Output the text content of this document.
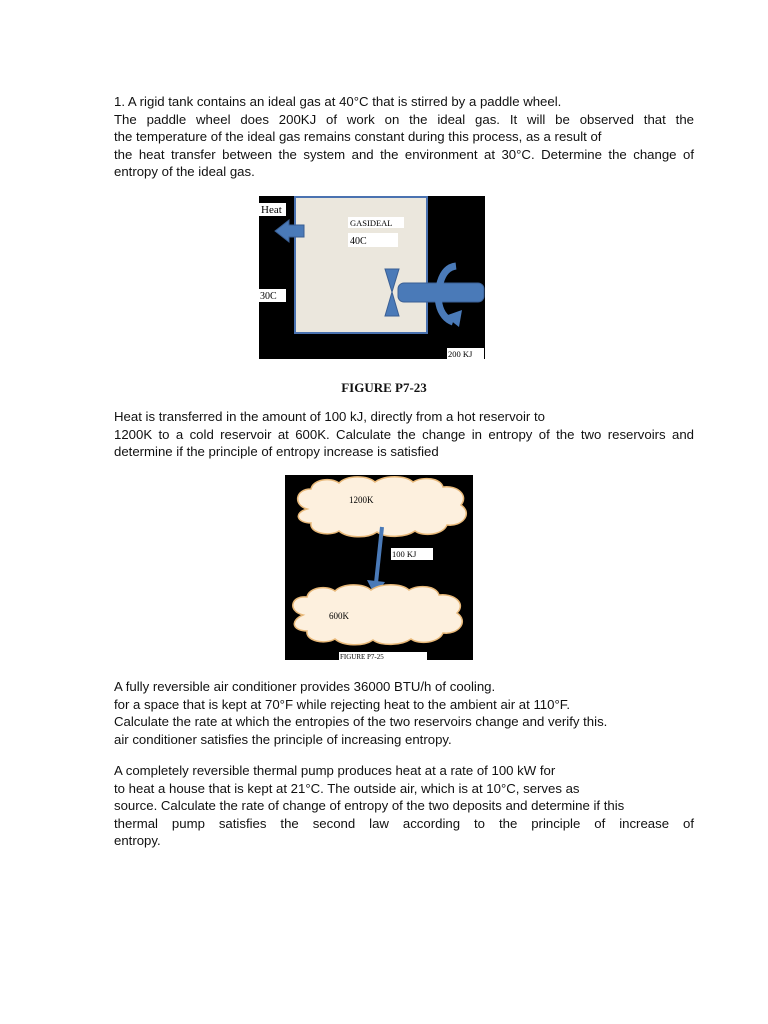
1. A rigid tank contains an ideal gas at 40°C that is stirred by a paddle wheel.
The paddle wheel does 200KJ of work on the ideal gas. It will be observed that the
the temperature of the ideal gas remains constant during this process, as a result of
the heat transfer between the system and the environment at 30°C. Determine the change of
entropy of the ideal gas.
Heat
GASIDEAL
40C
30C
200 KJ
FIGURE P7-23
Heat is transferred in the amount of 100 kJ, directly from a hot reservoir to
1200K to a cold reservoir at 600K. Calculate the change in entropy of the two reservoirs and
determine if the principle of entropy increase is satisfied
1200K
100 KJ
600K
FIGURE P7-25
A fully reversible air conditioner provides 36000 BTU/h of cooling.
for a space that is kept at 70°F while rejecting heat to the ambient air at 110°F.
Calculate the rate at which the entropies of the two reservoirs change and verify this.
air conditioner satisfies the principle of increasing entropy.
A completely reversible thermal pump produces heat at a rate of 100 kW for
to heat a house that is kept at 21°C. The outside air, which is at 10°C, serves as
source. Calculate the rate of change of entropy of the two deposits and determine if this
thermal pump satisfies the second law according to the principle of increase of
entropy.
